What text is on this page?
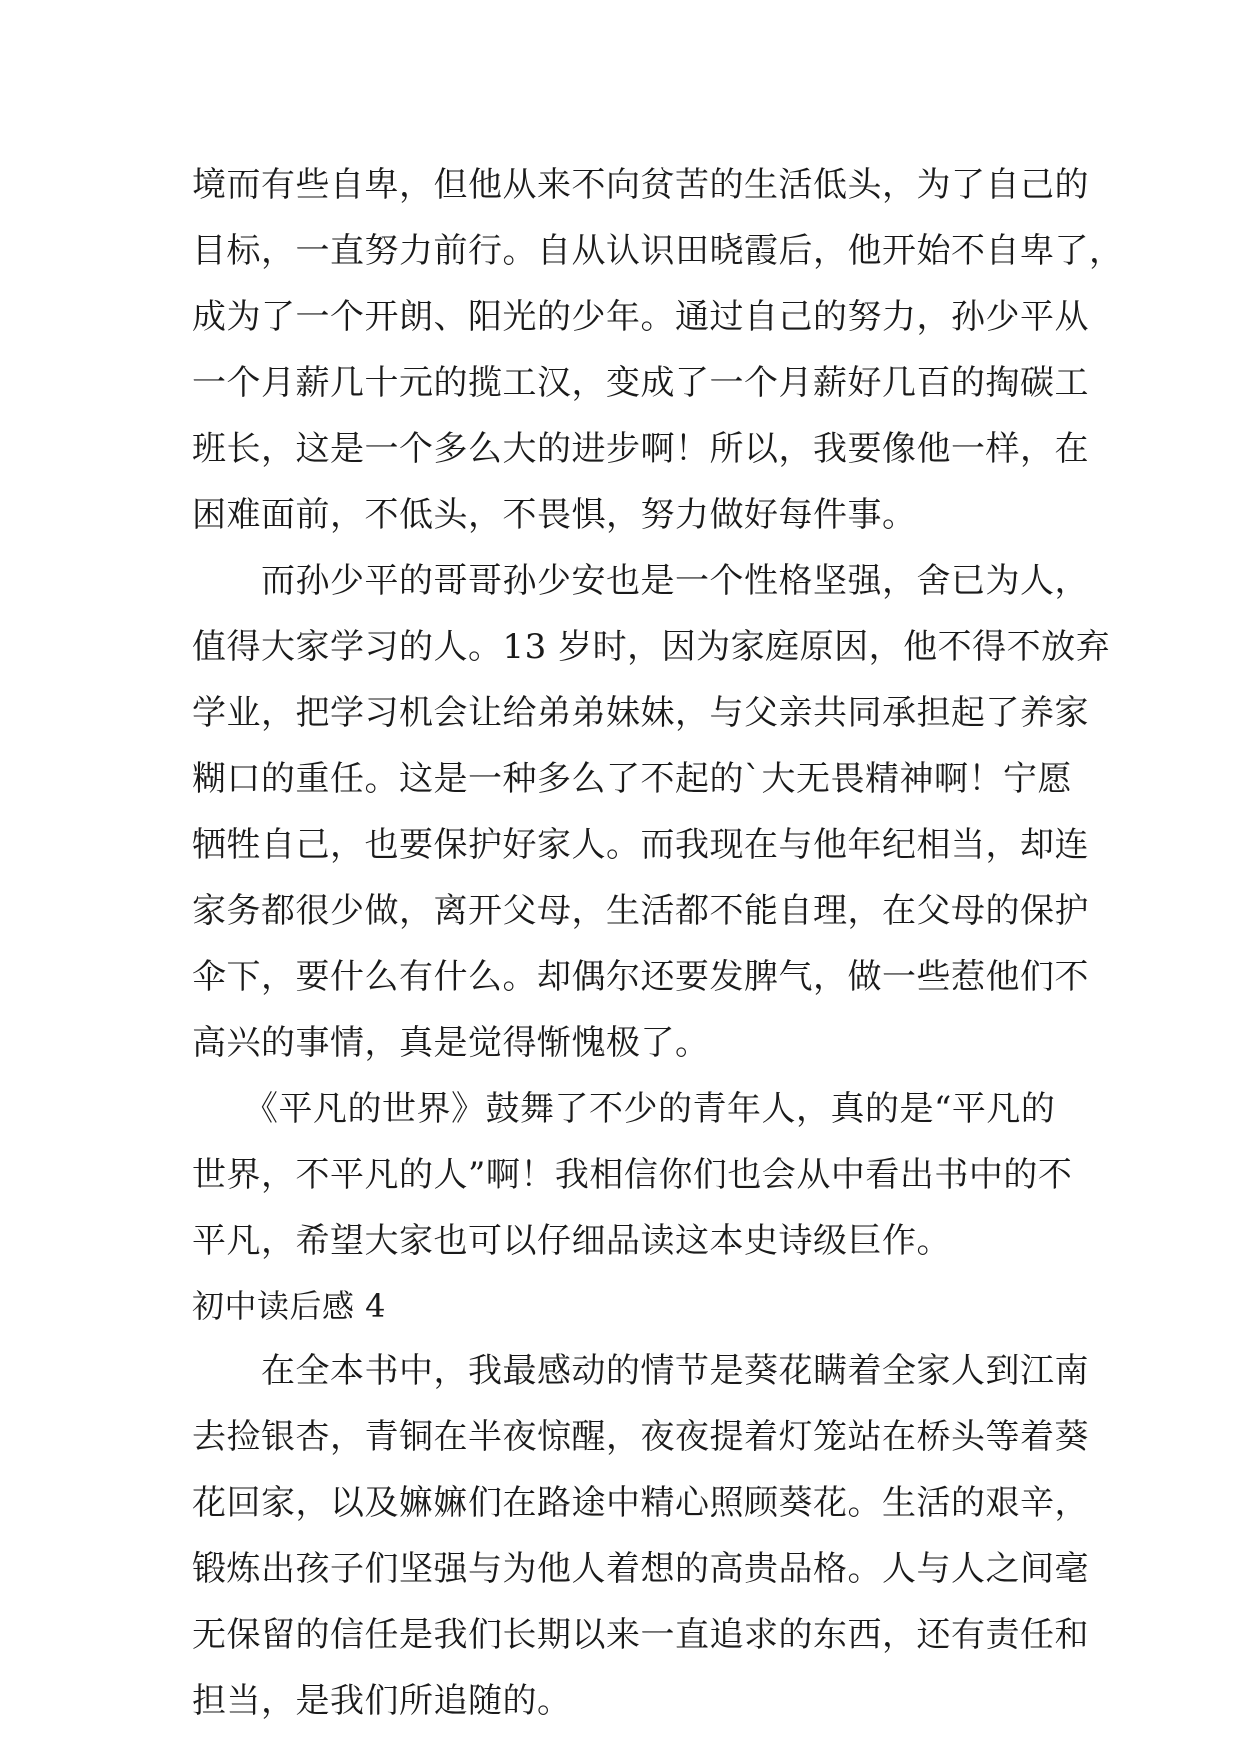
境而有些自卑，但他从来不向贫苦的生活低头，为了自己的
目标，一直努力前行。自从认识田晓霞后，他开始不自卑了，
成为了一个开朗、阳光的少年。通过自己的努力，孙少平从
一个月薪几十元的揽工汉，变成了一个月薪好几百的掏碳工
班长，这是一个多么大的进步啊！所以，我要像他一样，在
困难面前，不低头，不畏惧，努力做好每件事。
　　而孙少平的哥哥孙少安也是一个性格坚强，舍已为人，
值得大家学习的人。13 岁时，因为家庭原因，他不得不放弃
学业，把学习机会让给弟弟妹妹，与父亲共同承担起了养家
糊口的重任。这是一种多么了不起的`大无畏精神啊！宁愿
牺牲自己，也要保护好家人。而我现在与他年纪相当，却连
家务都很少做，离开父母，生活都不能自理，在父母的保护
伞下，要什么有什么。却偶尔还要发脾气，做一些惹他们不
高兴的事情，真是觉得惭愧极了。
　　《平凡的世界》鼓舞了不少的青年人，真的是“平凡的
世界，不平凡的人”啊！我相信你们也会从中看出书中的不
平凡，希望大家也可以仔细品读这本史诗级巨作。
初中读后感 4
　　在全本书中，我最感动的情节是葵花瞒着全家人到江南
去捡银杏，青铜在半夜惊醒，夜夜提着灯笼站在桥头等着葵
花回家，以及嫲嫲们在路途中精心照顾葵花。生活的艰辛，
锻炼出孩子们坚强与为他人着想的高贵品格。人与人之间毫
无保留的信任是我们长期以来一直追求的东西，还有责任和
担当，是我们所追随的。
